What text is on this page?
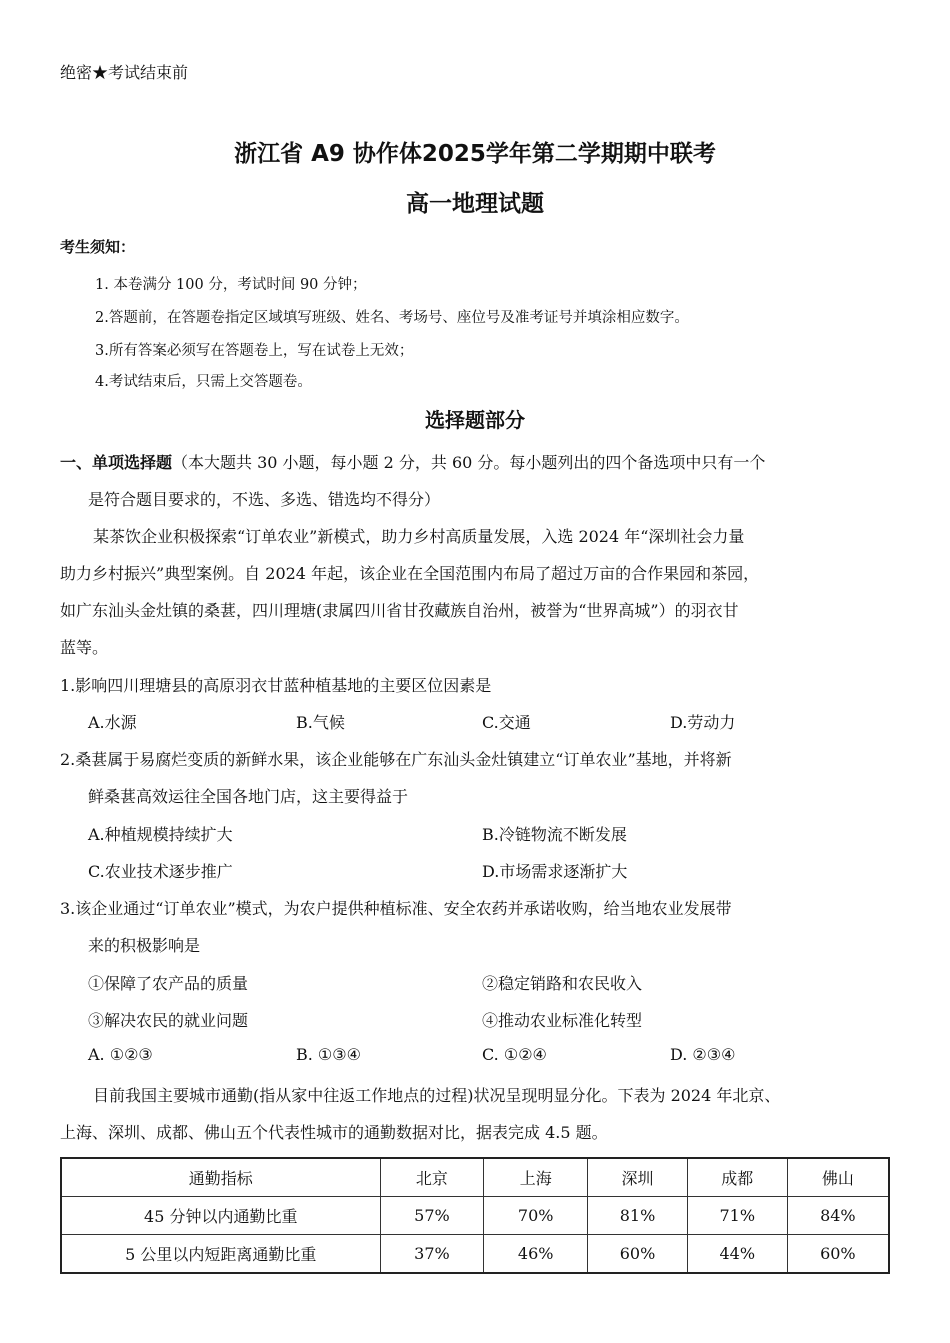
绝密★考试结束前
浙江省 A9 协作体2025学年第二学期期中联考
高一地理试题
考生须知：
1. 本卷满分 100 分，考试时间 90 分钟；
2.答题前，在答题卷指定区域填写班级、姓名、考场号、座位号及准考证号并填涂相应数字。
3.所有答案必须写在答题卷上，写在试卷上无效；
4.考试结束后，只需上交答题卷。
选择题部分
一、单项选择题（本大题共 30 小题，每小题 2 分，共 60 分。每小题列出的四个备选项中只有一个
是符合题目要求的，不选、多选、错选均不得分）
某茶饮企业积极探索“订单农业”新模式，助力乡村高质量发展，入选 2024 年“深圳社会力量
助力乡村振兴”典型案例。自 2024 年起，该企业在全国范围内布局了超过万亩的合作果园和茶园，
如广东汕头金灶镇的桑葚，四川理塘(隶属四川省甘孜藏族自治州，被誉为“世界高城”）的羽衣甘
蓝等。
1.影响四川理塘县的高原羽衣甘蓝种植基地的主要区位因素是
A.水源	B.气候	C.交通	D.劳动力
2.桑葚属于易腐烂变质的新鲜水果，该企业能够在广东汕头金灶镇建立“订单农业”基地，并将新
鲜桑葚高效运往全国各地门店，这主要得益于
A.种植规模持续扩大	B.冷链物流不断发展
C.农业技术逐步推广	D.市场需求逐渐扩大
3.该企业通过“订单农业”模式，为农户提供种植标准、安全农药并承诺收购，给当地农业发展带
来的积极影响是
①保障了农产品的质量	②稳定销路和农民收入
③解决农民的就业问题	④推动农业标准化转型
A. ①②③	B. ①③④	C. ①②④	D. ②③④
目前我国主要城市通勤(指从家中往返工作地点的过程)状况呈现明显分化。下表为 2024 年北京、
上海、深圳、成都、佛山五个代表性城市的通勤数据对比，据表完成 4.5 题。
通勤指标	北京	上海	深圳	成都	佛山
45 分钟以内通勤比重	57%	70%	81%	71%	84%
5 公里以内短距离通勤比重	37%	46%	60%	44%	60%
